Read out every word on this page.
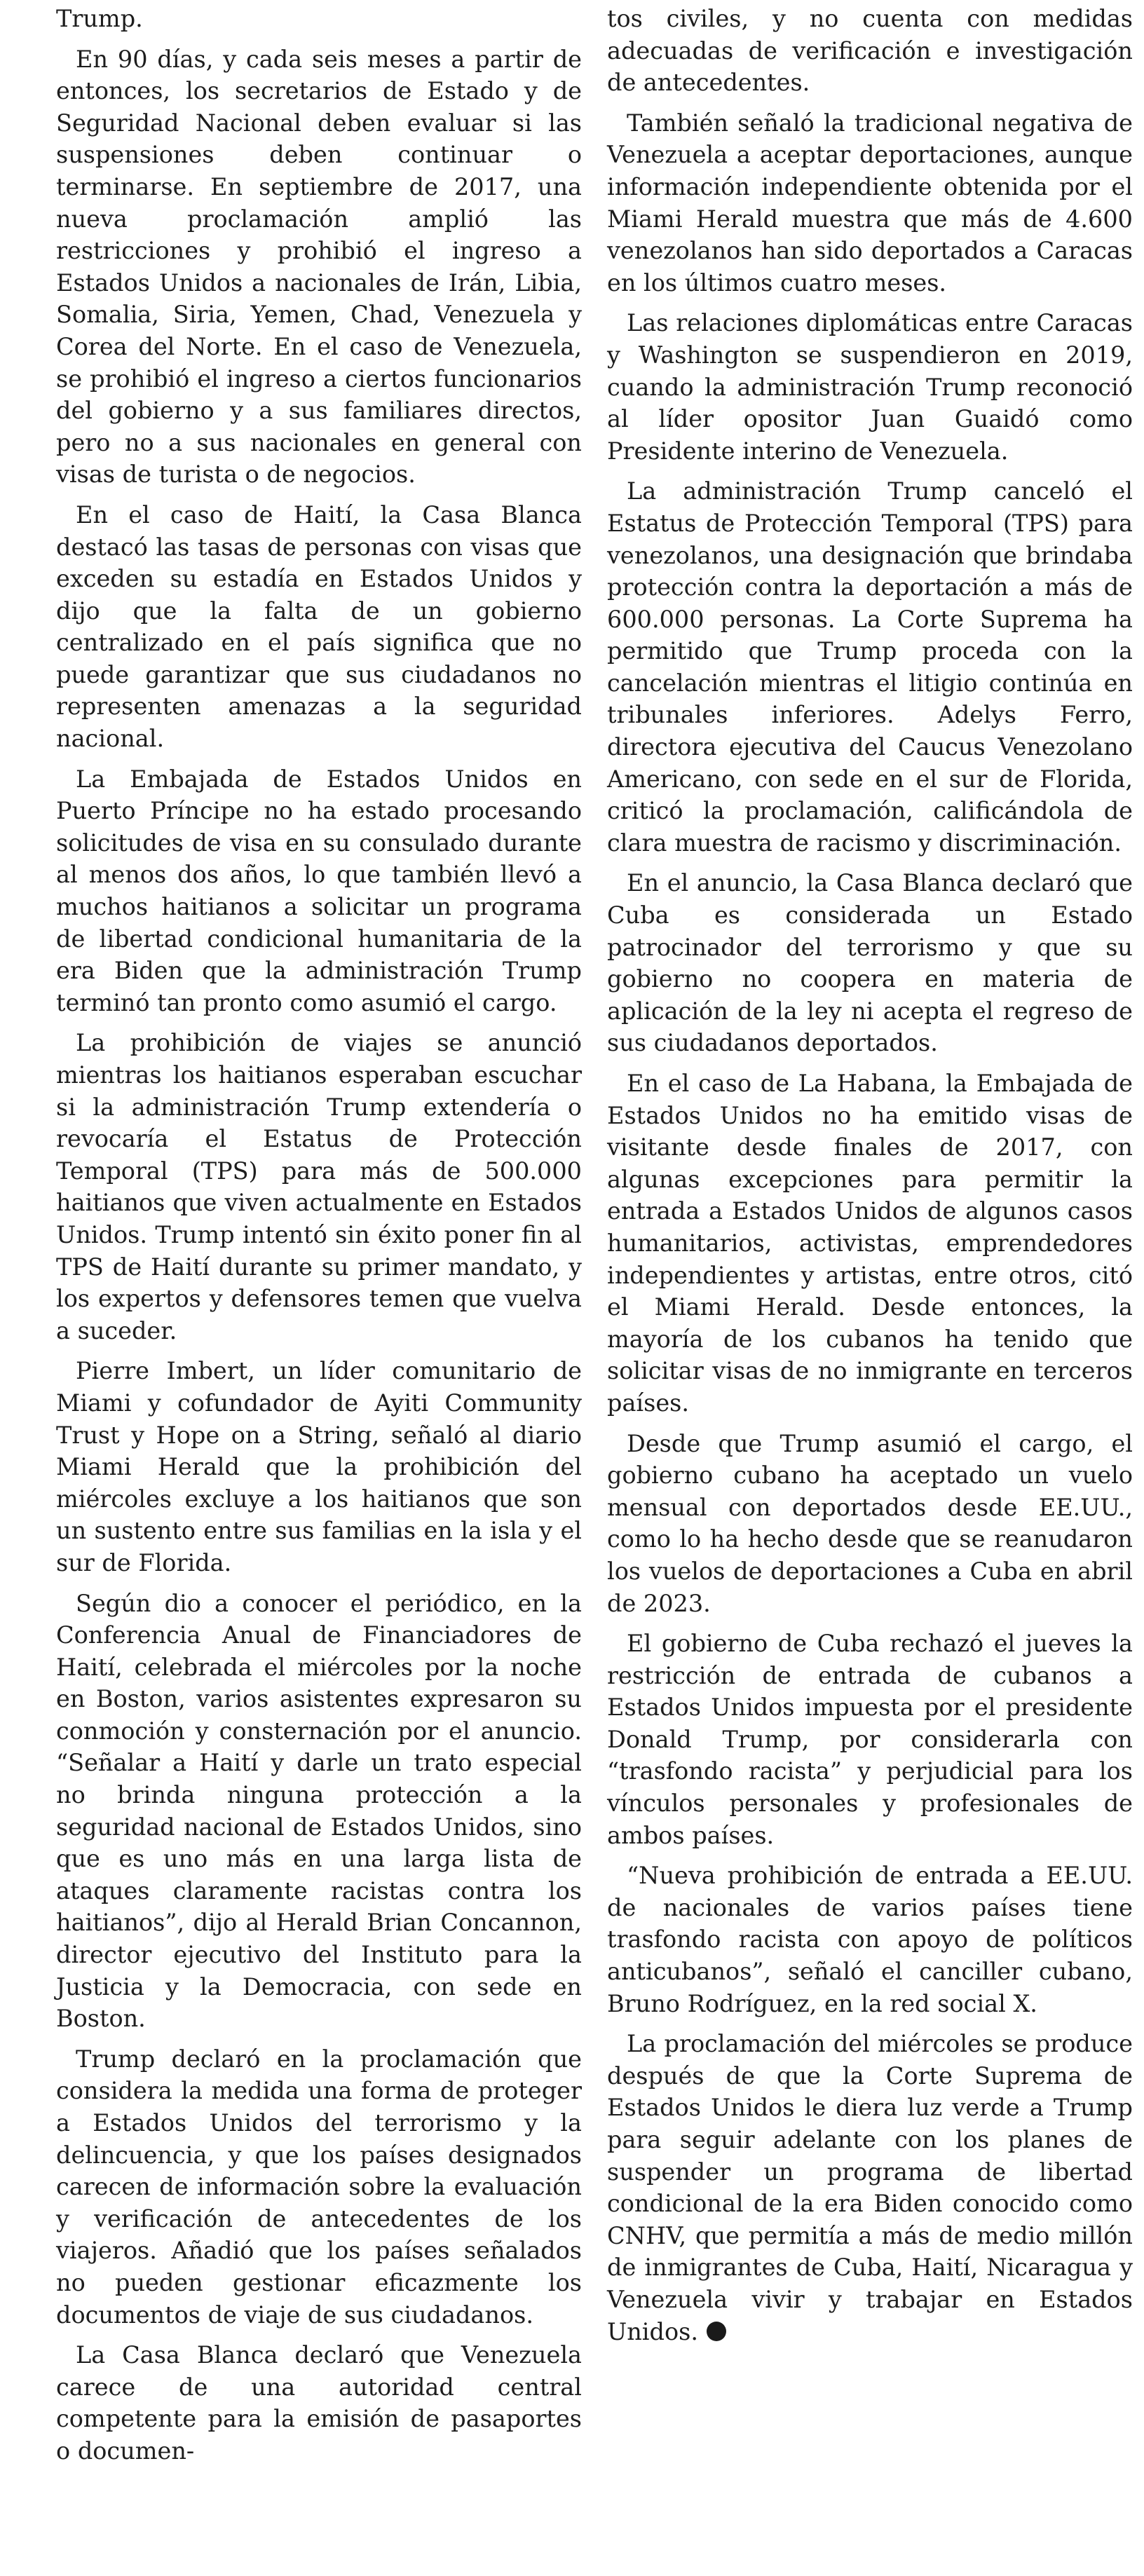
Trump.

En 90 días, y cada seis meses a partir de entonces, los secretarios de Estado y de Seguridad Nacional deben evaluar si las suspensiones deben continuar o terminarse. En septiembre de 2017, una nueva proclamación amplió las restricciones y prohibió el ingreso a Estados Unidos a nacionales de Irán, Libia, Somalia, Siria, Yemen, Chad, Venezuela y Corea del Norte. En el caso de Venezuela, se prohibió el ingreso a ciertos funcionarios del gobierno y a sus familiares directos, pero no a sus nacionales en general con visas de turista o de negocios.

En el caso de Haití, la Casa Blanca destacó las tasas de personas con visas que exceden su estadía en Estados Unidos y dijo que la falta de un gobierno centralizado en el país significa que no puede garantizar que sus ciudadanos no representen amenazas a la seguridad nacional.

La Embajada de Estados Unidos en Puerto Príncipe no ha estado procesando solicitudes de visa en su consulado durante al menos dos años, lo que también llevó a muchos haitianos a solicitar un programa de libertad condicional humanitaria de la era Biden que la administración Trump terminó tan pronto como asumió el cargo.

La prohibición de viajes se anunció mientras los haitianos esperaban escuchar si la administración Trump extendería o revocaría el Estatus de Protección Temporal (TPS) para más de 500.000 haitianos que viven actualmente en Estados Unidos. Trump intentó sin éxito poner fin al TPS de Haití durante su primer mandato, y los expertos y defensores temen que vuelva a suceder.

Pierre Imbert, un líder comunitario de Miami y cofundador de Ayiti Community Trust y Hope on a String, señaló al diario Miami Herald que la prohibición del miércoles excluye a los haitianos que son un sustento entre sus familias en la isla y el sur de Florida.

Según dio a conocer el periódico, en la Conferencia Anual de Financiadores de Haití, celebrada el miércoles por la noche en Boston, varios asistentes expresaron su conmoción y consternación por el anuncio. “Señalar a Haití y darle un trato especial no brinda ninguna protección a la seguridad nacional de Estados Unidos, sino que es uno más en una larga lista de ataques claramente racistas contra los haitianos”, dijo al Herald Brian Concannon, director ejecutivo del Instituto para la Justicia y la Democracia, con sede en Boston.

Trump declaró en la proclamación que considera la medida una forma de proteger a Estados Unidos del terrorismo y la delincuencia, y que los países designados carecen de información sobre la evaluación y verificación de antecedentes de los viajeros. Añadió que los países señalados no pueden gestionar eficazmente los documentos de viaje de sus ciudadanos.

La Casa Blanca declaró que Venezuela carece de una autoridad central competente para la emisión de pasaportes o documen-

tos civiles, y no cuenta con medidas adecuadas de verificación e investigación de antecedentes.

También señaló la tradicional negativa de Venezuela a aceptar deportaciones, aunque información independiente obtenida por el Miami Herald muestra que más de 4.600 venezolanos han sido deportados a Caracas en los últimos cuatro meses.

Las relaciones diplomáticas entre Caracas y Washington se suspendieron en 2019, cuando la administración Trump reconoció al líder opositor Juan Guaidó como Presidente interino de Venezuela.

La administración Trump canceló el Estatus de Protección Temporal (TPS) para venezolanos, una designación que brindaba protección contra la deportación a más de 600.000 personas. La Corte Suprema ha permitido que Trump proceda con la cancelación mientras el litigio continúa en tribunales inferiores. Adelys Ferro, directora ejecutiva del Caucus Venezolano Americano, con sede en el sur de Florida, criticó la proclamación, calificándola de clara muestra de racismo y discriminación.

En el anuncio, la Casa Blanca declaró que Cuba es considerada un Estado patrocinador del terrorismo y que su gobierno no coopera en materia de aplicación de la ley ni acepta el regreso de sus ciudadanos deportados.

En el caso de La Habana, la Embajada de Estados Unidos no ha emitido visas de visitante desde finales de 2017, con algunas excepciones para permitir la entrada a Estados Unidos de algunos casos humanitarios, activistas, emprendedores independientes y artistas, entre otros, citó el Miami Herald. Desde entonces, la mayoría de los cubanos ha tenido que solicitar visas de no inmigrante en terceros países.

Desde que Trump asumió el cargo, el gobierno cubano ha aceptado un vuelo mensual con deportados desde EE.UU., como lo ha hecho desde que se reanudaron los vuelos de deportaciones a Cuba en abril de 2023.

El gobierno de Cuba rechazó el jueves la restricción de entrada de cubanos a Estados Unidos impuesta por el presidente Donald Trump, por considerarla con “trasfondo racista” y perjudicial para los vínculos personales y profesionales de ambos países.

“Nueva prohibición de entrada a EE.UU. de nacionales de varios países tiene trasfondo racista con apoyo de políticos anticubanos”, señaló el canciller cubano, Bruno Rodríguez, en la red social X.

La proclamación del miércoles se produce después de que la Corte Suprema de Estados Unidos le diera luz verde a Trump para seguir adelante con los planes de suspender un programa de libertad condicional de la era Biden conocido como CNHV, que permitía a más de medio millón de inmigrantes de Cuba, Haití, Nicaragua y Venezuela vivir y trabajar en Estados Unidos.
